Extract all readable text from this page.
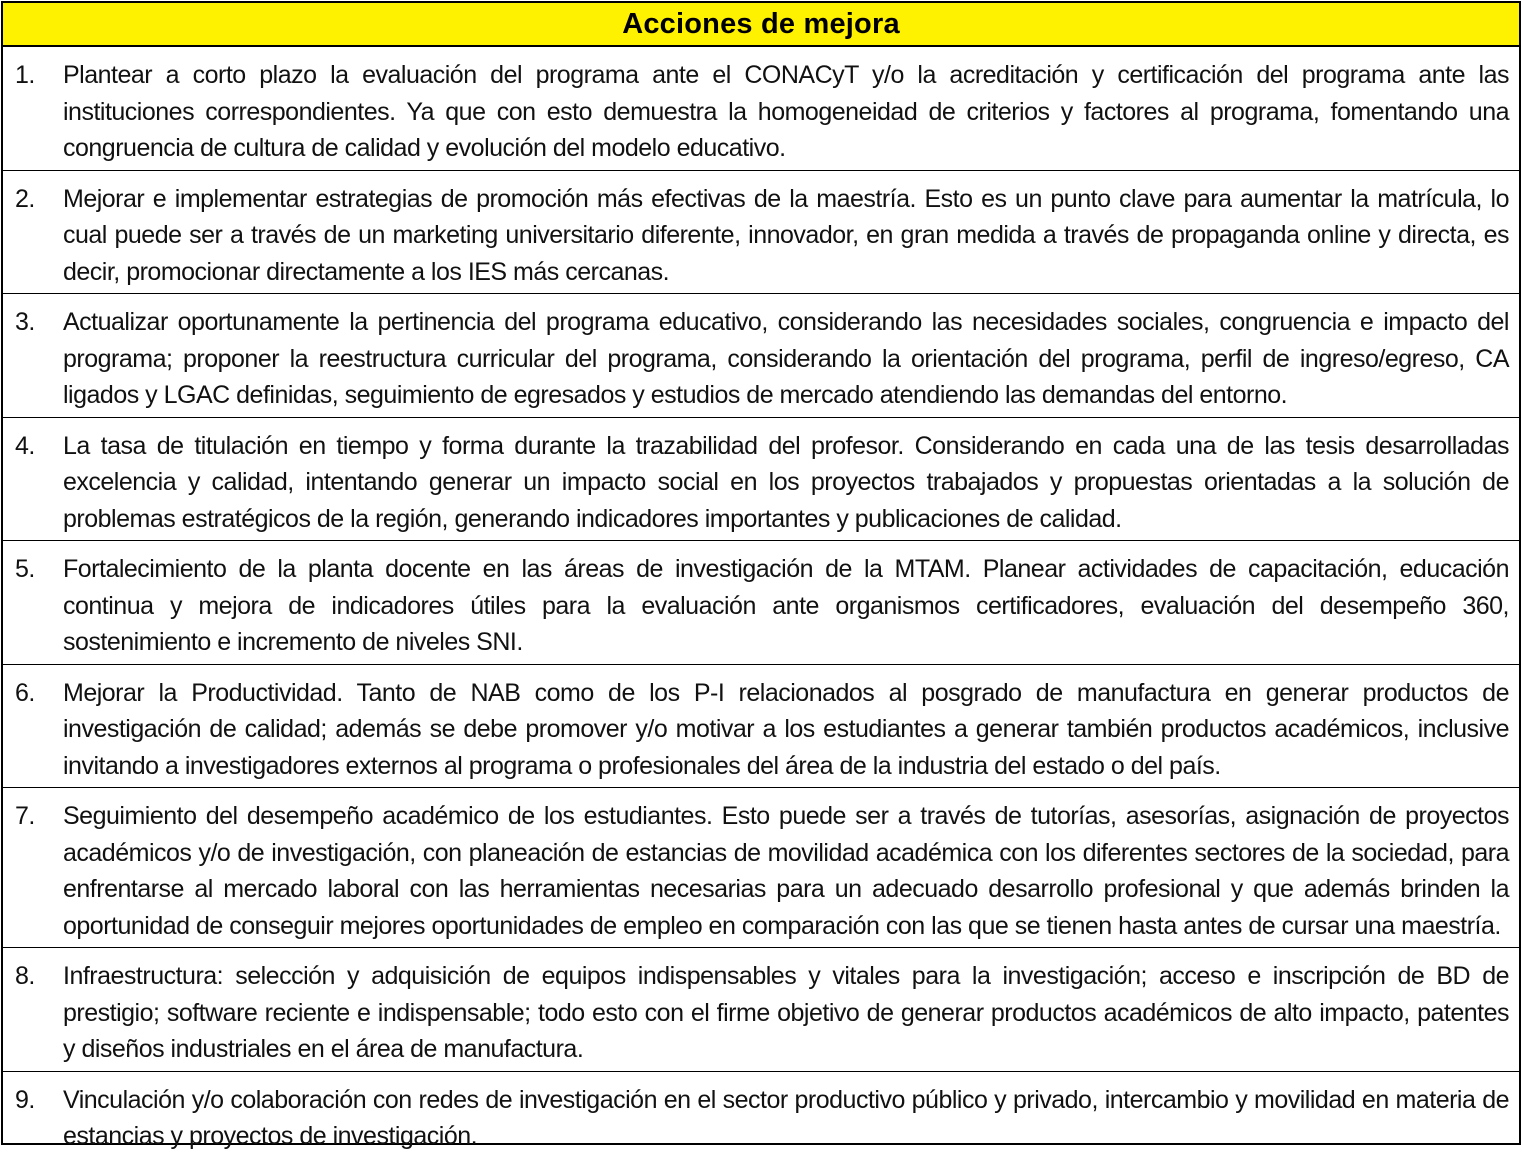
Acciones de mejora
1.	Plantear a corto plazo la evaluación del programa ante el CONACyT y/o la acreditación y certificación del programa ante las instituciones correspondientes. Ya que con esto demuestra la homogeneidad de criterios y factores al programa, fomentando una congruencia de cultura de calidad y evolución del modelo educativo.
2.	Mejorar e implementar estrategias de promoción más efectivas de la maestría. Esto es un punto clave para aumentar la matrícula, lo cual puede ser a través de un marketing universitario diferente, innovador, en gran medida a través de propaganda online y directa, es decir, promocionar directamente a los IES más cercanas.
3.	Actualizar oportunamente la pertinencia del programa educativo, considerando las necesidades sociales, congruencia e impacto del programa; proponer la reestructura curricular del programa, considerando la orientación del programa, perfil de ingreso/egreso, CA ligados y LGAC definidas, seguimiento de egresados y estudios de mercado atendiendo las demandas del entorno.
4.	La tasa de titulación en tiempo y forma durante la trazabilidad del profesor. Considerando en cada una de las tesis desarrolladas excelencia y calidad, intentando generar un impacto social en los proyectos trabajados y propuestas orientadas a la solución de problemas estratégicos de la región, generando indicadores importantes y publicaciones de calidad.
5.	Fortalecimiento de la planta docente en las áreas de investigación de la MTAM. Planear actividades de capacitación, educación continua y mejora de indicadores útiles para la evaluación ante organismos certificadores, evaluación del desempeño 360, sostenimiento e incremento de niveles SNI.
6.	Mejorar la Productividad. Tanto de NAB como de los P-I relacionados al posgrado de manufactura en generar productos de investigación de calidad; además se debe promover y/o motivar a los estudiantes a generar también productos académicos, inclusive invitando a investigadores externos al programa o profesionales del área de la industria del estado o del país.
7.	Seguimiento del desempeño académico de los estudiantes. Esto puede ser a través de tutorías, asesorías, asignación de proyectos académicos y/o de investigación, con planeación de estancias de movilidad académica con los diferentes sectores de la sociedad, para enfrentarse al mercado laboral con las herramientas necesarias para un adecuado desarrollo profesional y que además brinden la oportunidad de conseguir mejores oportunidades de empleo en comparación con las que se tienen hasta antes de cursar una maestría.
8.	Infraestructura: selección y adquisición de equipos indispensables y vitales para la investigación; acceso e inscripción de BD de prestigio; software reciente e indispensable; todo esto con el firme objetivo de generar productos académicos de alto impacto, patentes y diseños industriales en el área de manufactura.
9.	Vinculación y/o colaboración con redes de investigación en el sector productivo público y privado, intercambio y movilidad en materia de estancias y proyectos de investigación.
